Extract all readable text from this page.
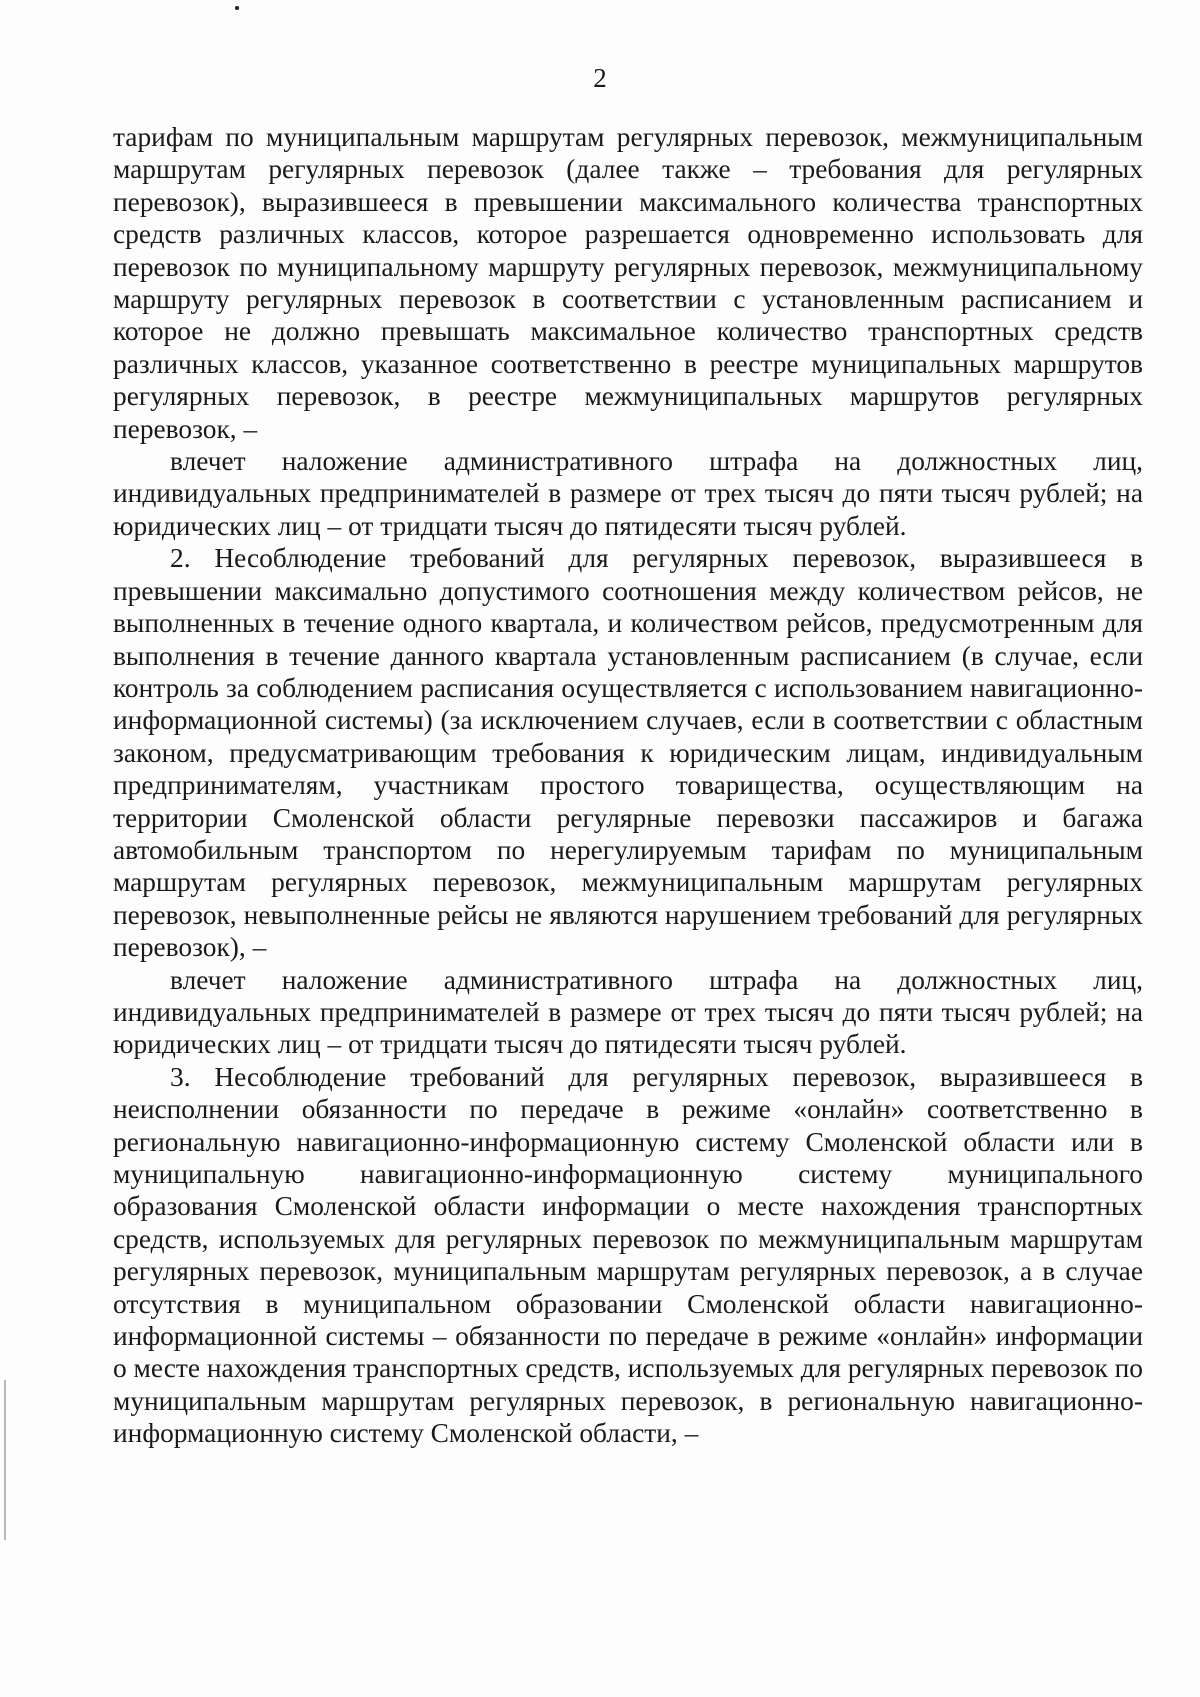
2

тарифам по муниципальным маршрутам регулярных перевозок, межмуниципальным маршрутам регулярных перевозок (далее также – требования для регулярных перевозок), выразившееся в превышении максимального количества транспортных средств различных классов, которое разрешается одновременно использовать для перевозок по муниципальному маршруту регулярных перевозок, межмуниципальному маршруту регулярных перевозок в соответствии с установленным расписанием и которое не должно превышать максимальное количество транспортных средств различных классов, указанное соответственно в реестре муниципальных маршрутов регулярных перевозок, в реестре межмуниципальных маршрутов регулярных перевозок, –

влечет наложение административного штрафа на должностных лиц, индивидуальных предпринимателей в размере от трех тысяч до пяти тысяч рублей; на юридических лиц – от тридцати тысяч до пятидесяти тысяч рублей.

2. Несоблюдение требований для регулярных перевозок, выразившееся в превышении максимально допустимого соотношения между количеством рейсов, не выполненных в течение одного квартала, и количеством рейсов, предусмотренным для выполнения в течение данного квартала установленным расписанием (в случае, если контроль за соблюдением расписания осуществляется с использованием навигационно-информационной системы) (за исключением случаев, если в соответствии с областным законом, предусматривающим требования к юридическим лицам, индивидуальным предпринимателям, участникам простого товарищества, осуществляющим на территории Смоленской области регулярные перевозки пассажиров и багажа автомобильным транспортом по нерегулируемым тарифам по муниципальным маршрутам регулярных перевозок, межмуниципальным маршрутам регулярных перевозок, невыполненные рейсы не являются нарушением требований для регулярных перевозок), –

влечет наложение административного штрафа на должностных лиц, индивидуальных предпринимателей в размере от трех тысяч до пяти тысяч рублей; на юридических лиц – от тридцати тысяч до пятидесяти тысяч рублей.

3. Несоблюдение требований для регулярных перевозок, выразившееся в неисполнении обязанности по передаче в режиме «онлайн» соответственно в региональную навигационно-информационную систему Смоленской области или в муниципальную навигационно-информационную систему муниципального образования Смоленской области информации о месте нахождения транспортных средств, используемых для регулярных перевозок по межмуниципальным маршрутам регулярных перевозок, муниципальным маршрутам регулярных перевозок, а в случае отсутствия в муниципальном образовании Смоленской области навигационно-информационной системы – обязанности по передаче в режиме «онлайн» информации о месте нахождения транспортных средств, используемых для регулярных перевозок по муниципальным маршрутам регулярных перевозок, в региональную навигационно-информационную систему Смоленской области, –
